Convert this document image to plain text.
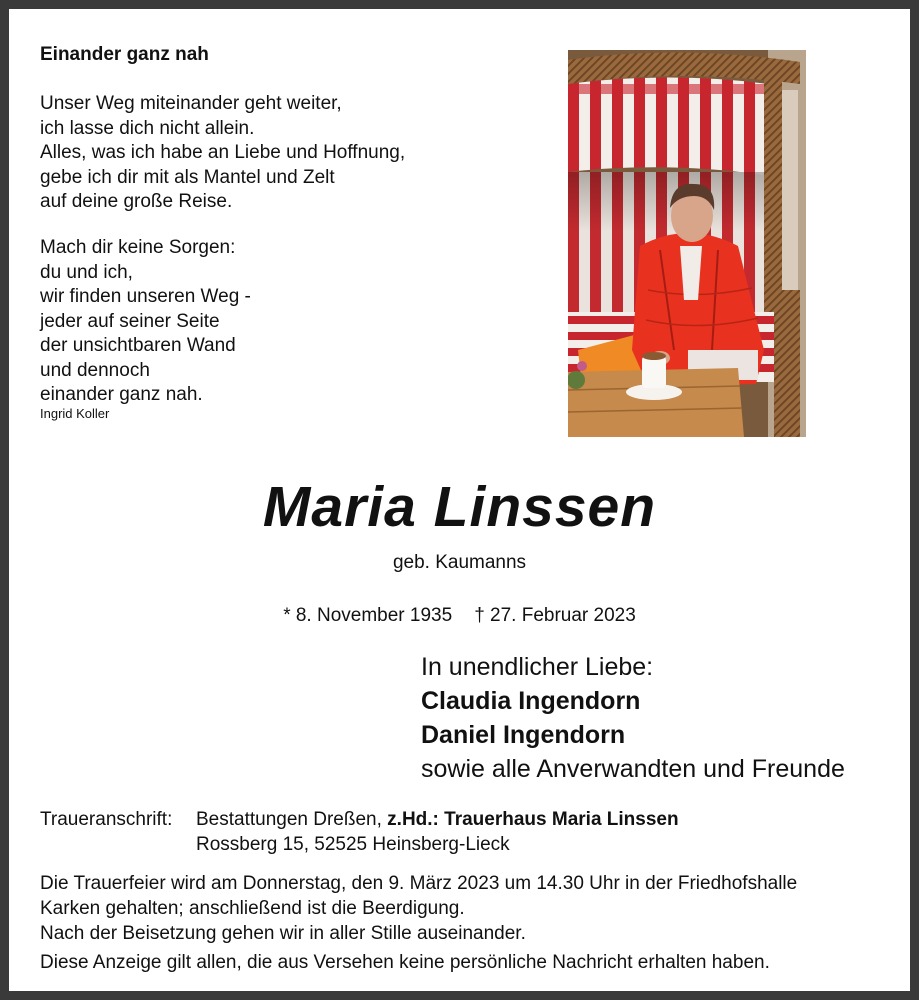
Einander ganz nah
Unser Weg miteinander geht weiter,
ich lasse dich nicht allein.
Alles, was ich habe an Liebe und Hoffnung,
gebe ich dir mit als Mantel und Zelt
auf deine große Reise.
Mach dir keine Sorgen:
du und ich,
wir finden unseren Weg -
jeder auf seiner Seite
der unsichtbaren Wand
und dennoch
einander ganz nah.

Ingrid Koller

Maria Linssen

geb. Kaumanns

* 8. November 1935 † 27. Februar 2023

In unendlicher Liebe:
Claudia Ingendorn
Daniel Ingendorn
sowie alle Anverwandten und Freunde
Traueranschrift: Bestattungen Dreßen, z.Hd.: Trauerhaus Maria Linssen
Rossberg 15, 52525 Heinsberg-Lieck
Die Trauerfeier wird am Donnerstag, den 9. März 2023 um 14.30 Uhr in der Friedhofshalle
Karken gehalten; anschließend ist die Beerdigung.
Nach der Beisetzung gehen wir in aller Stille auseinander.
Diese Anzeige gilt allen, die aus Versehen keine persönliche Nachricht erhalten haben.
